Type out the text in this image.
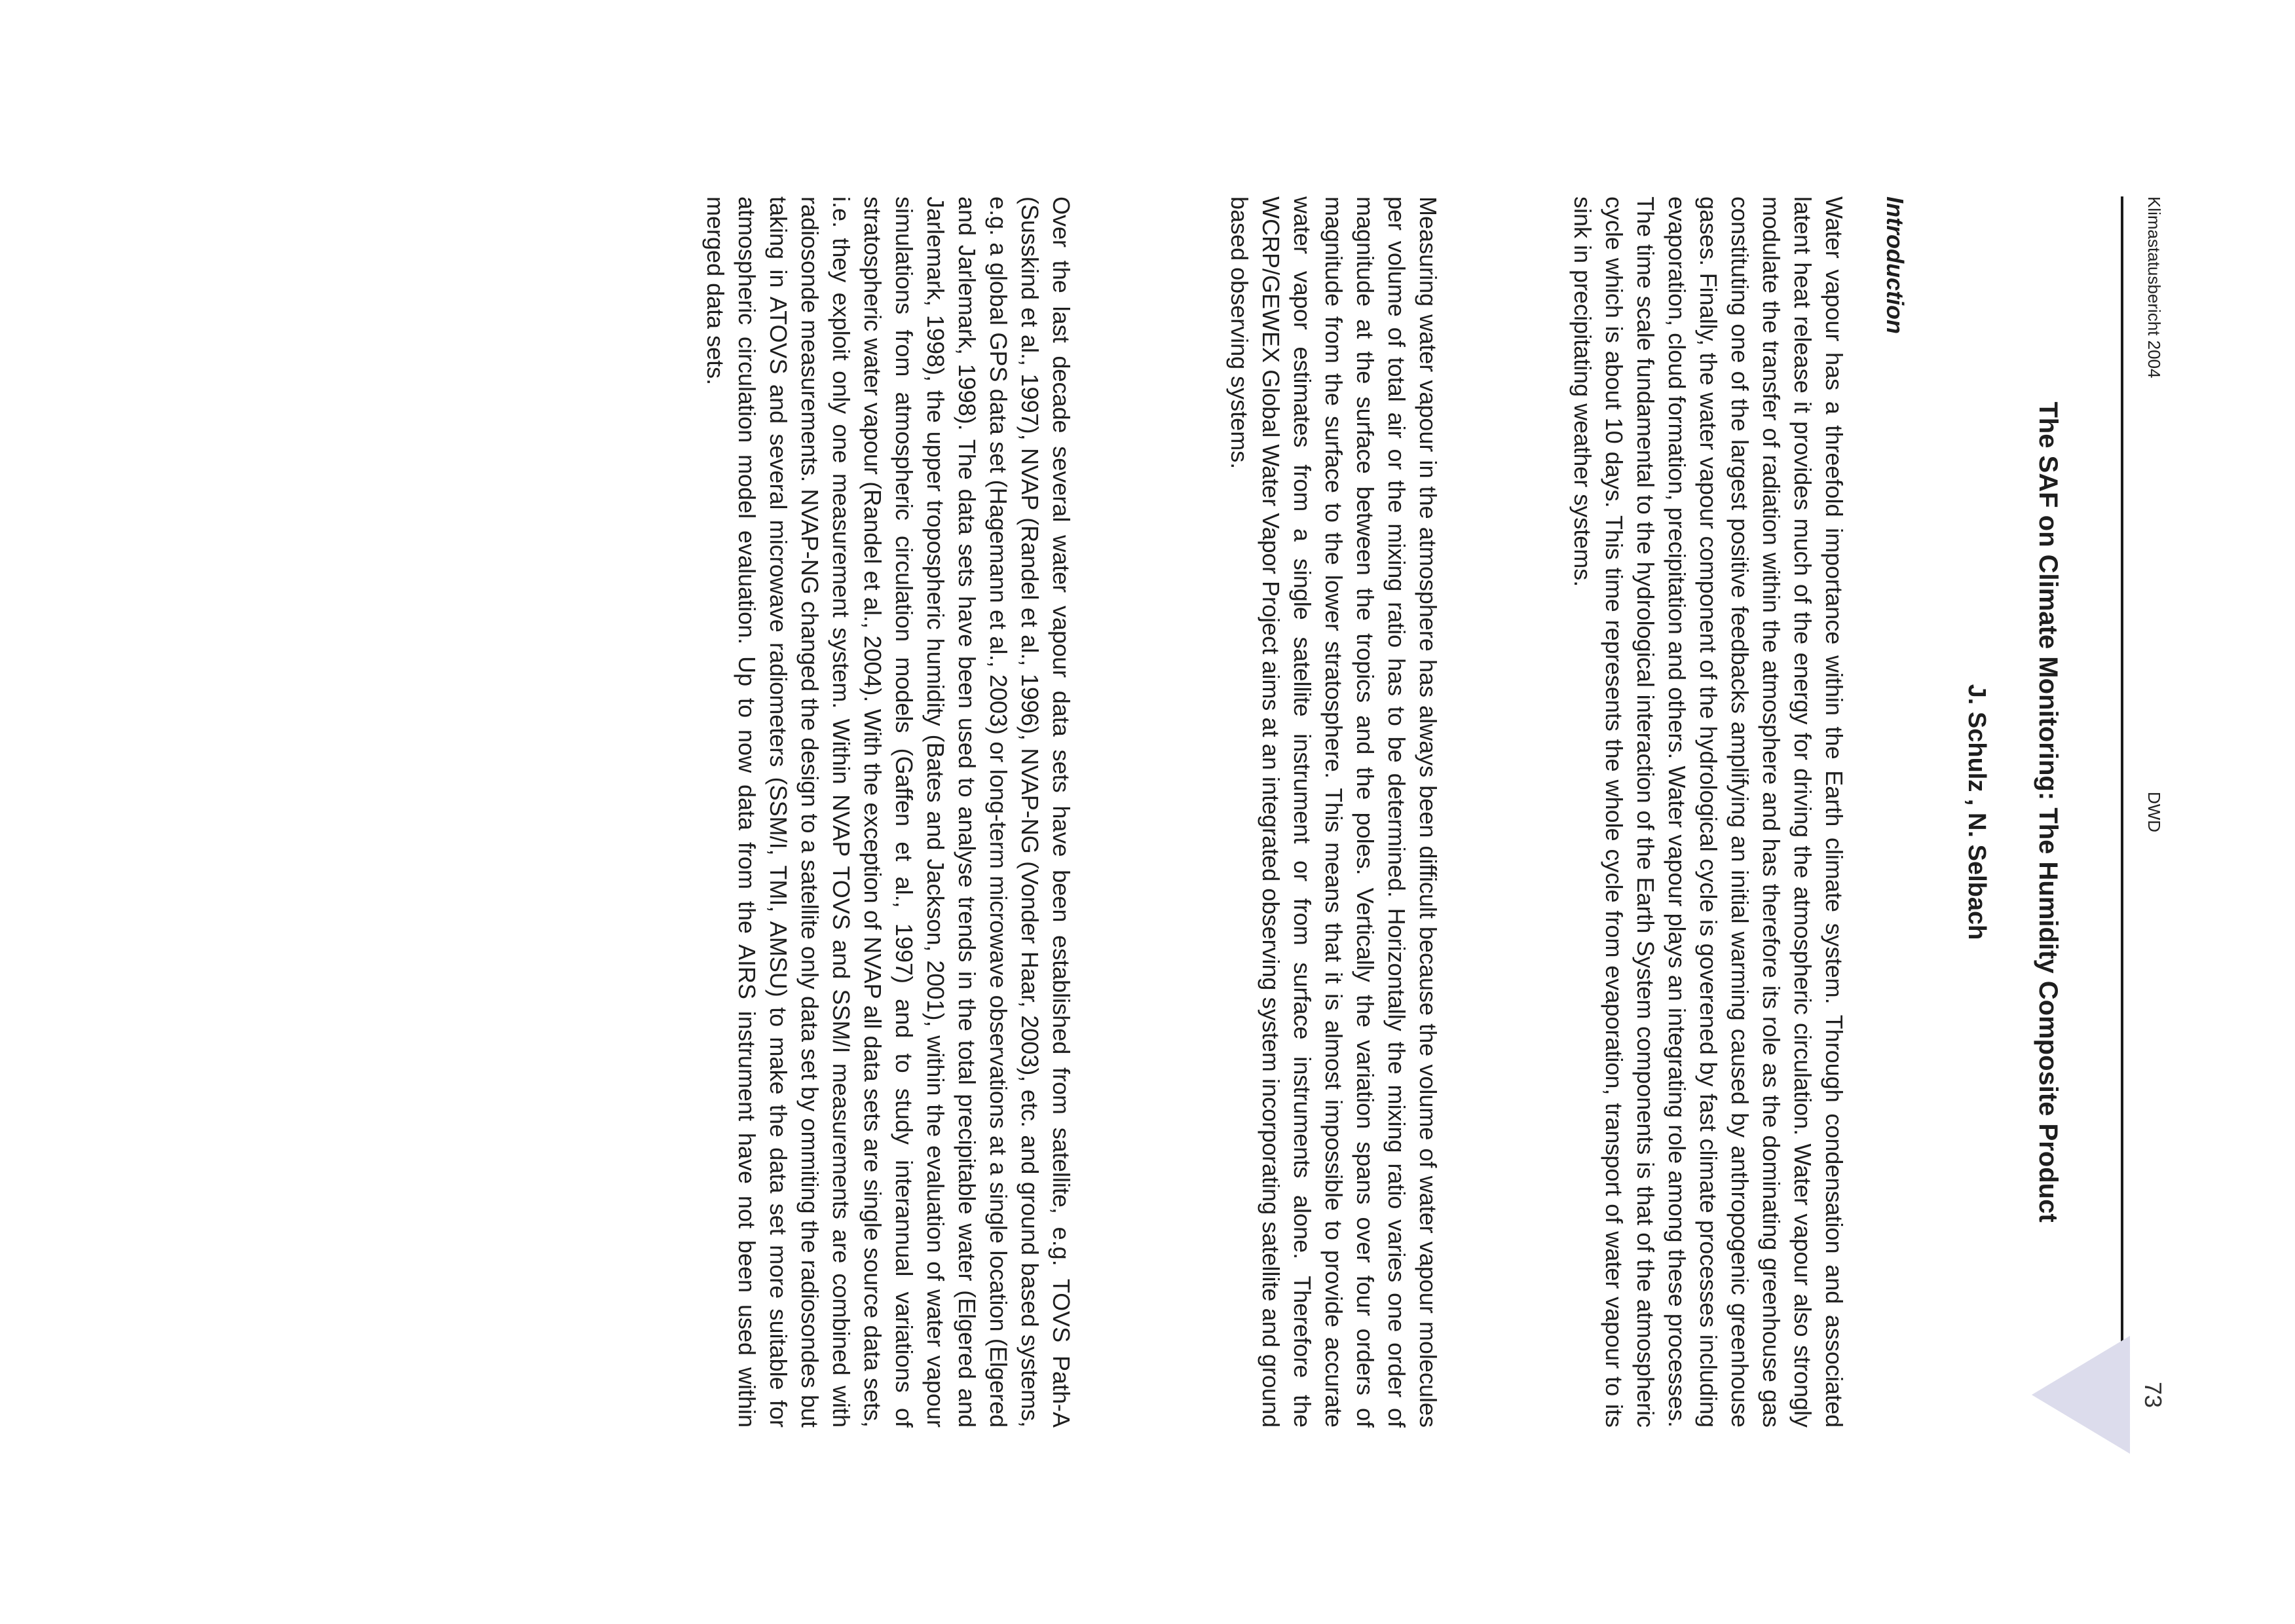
Klimastatusbericht 2004
DWD
73
The SAF on Climate Monitoring: The Humidity Composite Product
J. Schulz , N. Selbach
Introduction

Water vapour has a threefold importance within the Earth climate system. Through condensation and associated latent heat release it provides much of the energy for driving the atmospheric circulation. Water vapour also strongly modulate the transfer of radiation within the atmosphere and has therefore its role as the dominating greenhouse gas constituting one of the largest positive feedbacks amplifying an initial warming caused by anthropogenic greenhouse gases. Finally, the water vapour component of the hydrological cycle is goverened by fast climate processes including evaporation, cloud formation, precipitation and others. Water vapour plays an integrating role among these processes. The time scale fundamental to the hydrological interaction of the Earth System components is that of the atmospheric cycle which is about 10 days. This time represents the whole cycle from evaporation, transport of water vapour to its sink in precipitating weather systems.

Measuring water vapour in the atmosphere has always been difficult because the volume of water vapour molecules per volume of total air or the mixing ratio has to be determined. Horizontally the mixing ratio varies one order of magnitude at the surface between the tropics and the poles. Vertically the variation spans over four orders of magnitude from the surface to the lower stratosphere. This means that it is almost impossible to provide accurate water vapor estimates from a single satellite instrument or from surface instruments alone. Therefore the WCRP/GEWEX Global Water Vapor Project aims at an integrated observing system incorporating satellite and ground based observing systems.

Over the last decade several water vapour data sets have been established from satellite, e.g. TOVS Path-A (Susskind et al., 1997), NVAP (Randel et al., 1996), NVAP-NG (Vonder Haar, 2003), etc. and ground based systems, e.g. a global GPS data set (Hagemann et al., 2003) or long-term microwave observations at a single location (Elgered and Jarlemark, 1998). The data sets have been used to analyse trends in the total precipitable water (Elgered and Jarlemark, 1998), the upper tropospheric humidity (Bates and Jackson, 2001), within the evaluation of water vapour simulations from atmospheric circulation models (Gaffen et al., 1997) and to study interannual variations of stratospheric water vapour (Randel et al., 2004). With the exception of NVAP all data sets are single source data sets, i.e. they exploit only one measurement system. Within NVAP TOVS and SSM/I measurements are combined with radiosonde measurements. NVAP-NG changed the design to a satellite only data set by ommiting the radiosondes but taking in ATOVS and several microwave radiometers (SSM/I, TMI, AMSU) to make the data set more suitable for atmospheric circulation model evaluation. Up to now data from the AIRS instrument have not been used within merged data sets.
